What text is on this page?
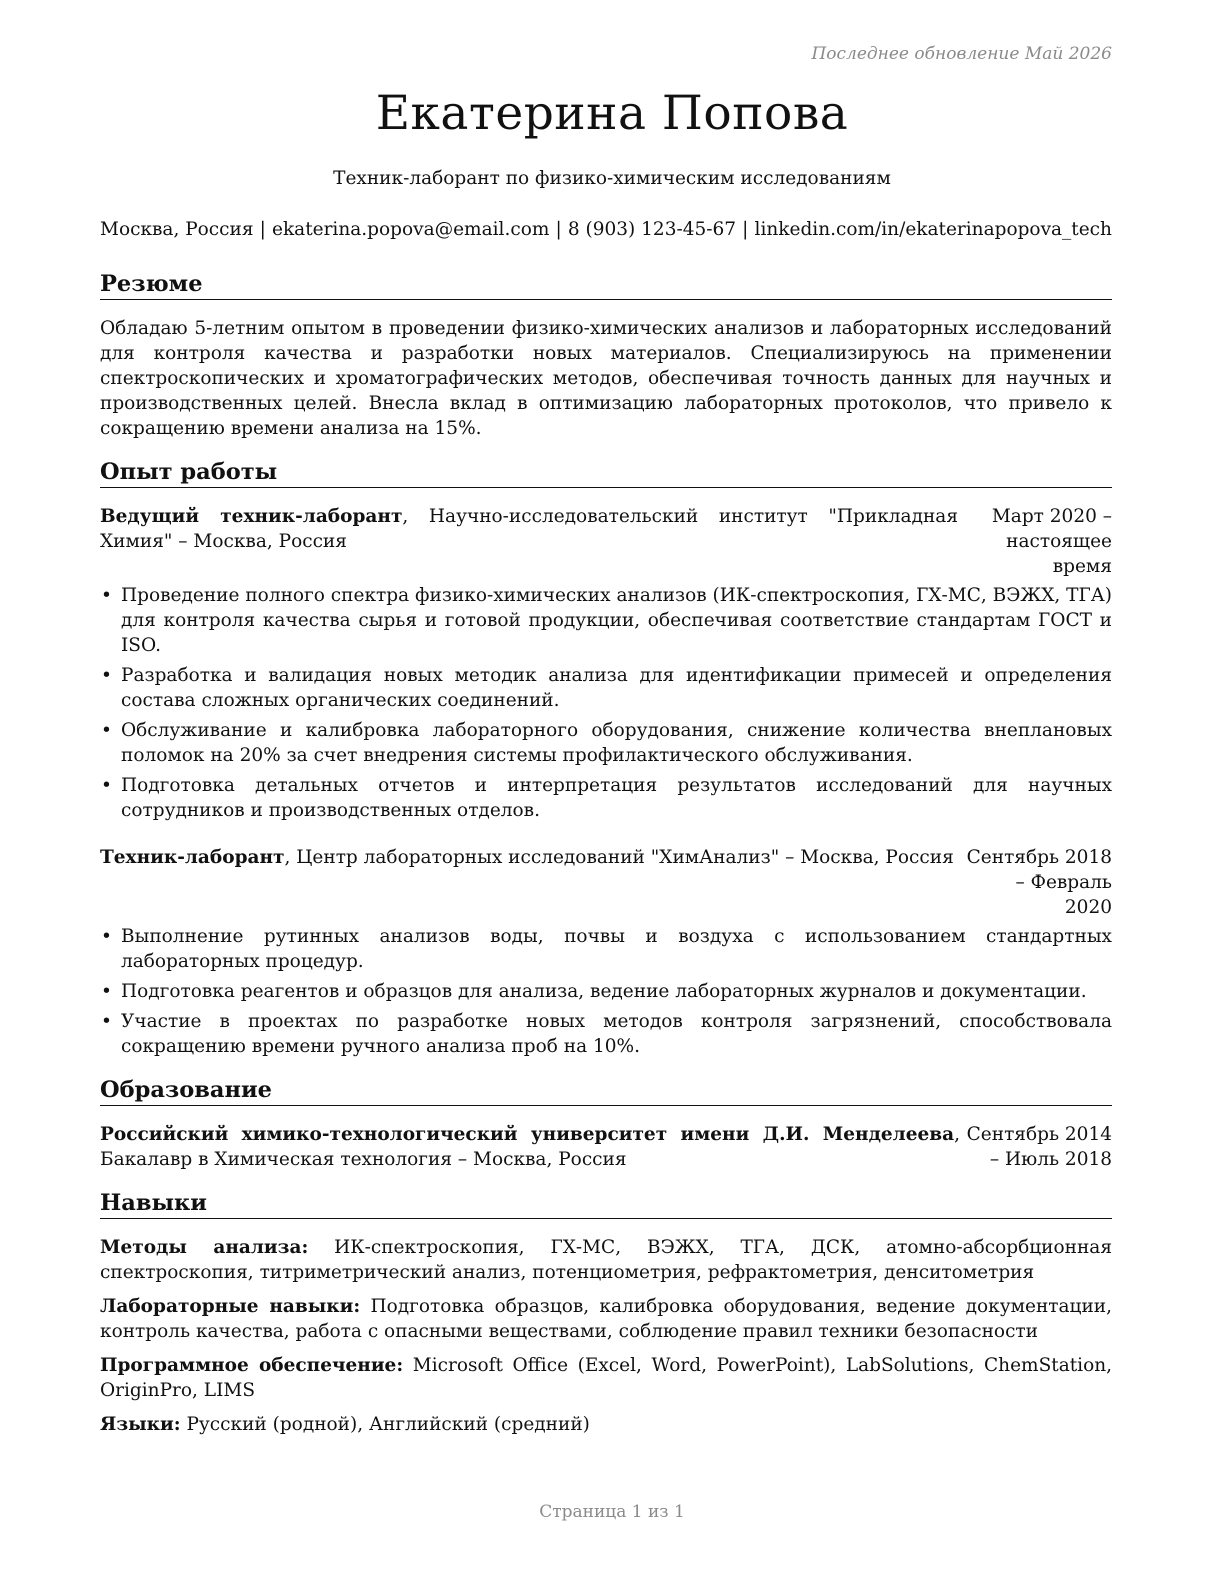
Последнее обновление Май 2026
Екатерина Попова
Техник-лаборант по физико-химическим исследованиям
Москва, Россия | ekaterina.popova@email.com | 8 (903) 123-45-67 | linkedin.com/in/ekaterinapopova_tech
Резюме

Обладаю 5-летним опытом в проведении физико-химических анализов и лабораторных исследований для контроля качества и разработки новых материалов. Специализируюсь на применении спектроскопических и хроматографических методов, обеспечивая точность данных для научных и производственных целей. Внесла вклад в оптимизацию лабораторных протоколов, что привело к сокращению времени анализа на 15%.

Опыт работы
Ведущий техник-лаборант, Научно-исследовательский институт "Прикладная Химия" – Москва, Россия
Март 2020 – настоящее время
• Проведение полного спектра физико-химических анализов (ИК-спектроскопия, ГХ-МС, ВЭЖХ, ТГА) для контроля качества сырья и готовой продукции, обеспечивая соответствие стандартам ГОСТ и ISO.
• Разработка и валидация новых методик анализа для идентификации примесей и определения состава сложных органических соединений.
• Обслуживание и калибровка лабораторного оборудования, снижение количества внеплановых поломок на 20% за счет внедрения системы профилактического обслуживания.
• Подготовка детальных отчетов и интерпретация результатов исследований для научных сотрудников и производственных отделов.
Техник-лаборант, Центр лабораторных исследований "ХимАнализ" – Москва, Россия Сентябрь 2018 – Февраль 2020
• Выполнение рутинных анализов воды, почвы и воздуха с использованием стандартных лабораторных процедур.
• Подготовка реагентов и образцов для анализа, ведение лабораторных журналов и документации.
• Участие в проектах по разработке новых методов контроля загрязнений, способствовала сокращению времени ручного анализа проб на 10%.
Образование
Российский химико-технологический университет имени Д.И. Менделеева, Бакалавр в Химическая технология – Москва, Россия
Сентябрь 2014 – Июль 2018
Навыки

Методы анализа: ИК-спектроскопия, ГХ-МС, ВЭЖХ, ТГА, ДСК, атомно-абсорбционная спектроскопия, титриметрический анализ, потенциометрия, рефрактометрия, денситометрия

Лабораторные навыки: Подготовка образцов, калибровка оборудования, ведение документации, контроль качества, работа с опасными веществами, соблюдение правил техники безопасности

Программное обеспечение: Microsoft Office (Excel, Word, PowerPoint), LabSolutions, ChemStation, OriginPro, LIMS

Языки: Русский (родной), Английский (средний)

Страница 1 из 1
